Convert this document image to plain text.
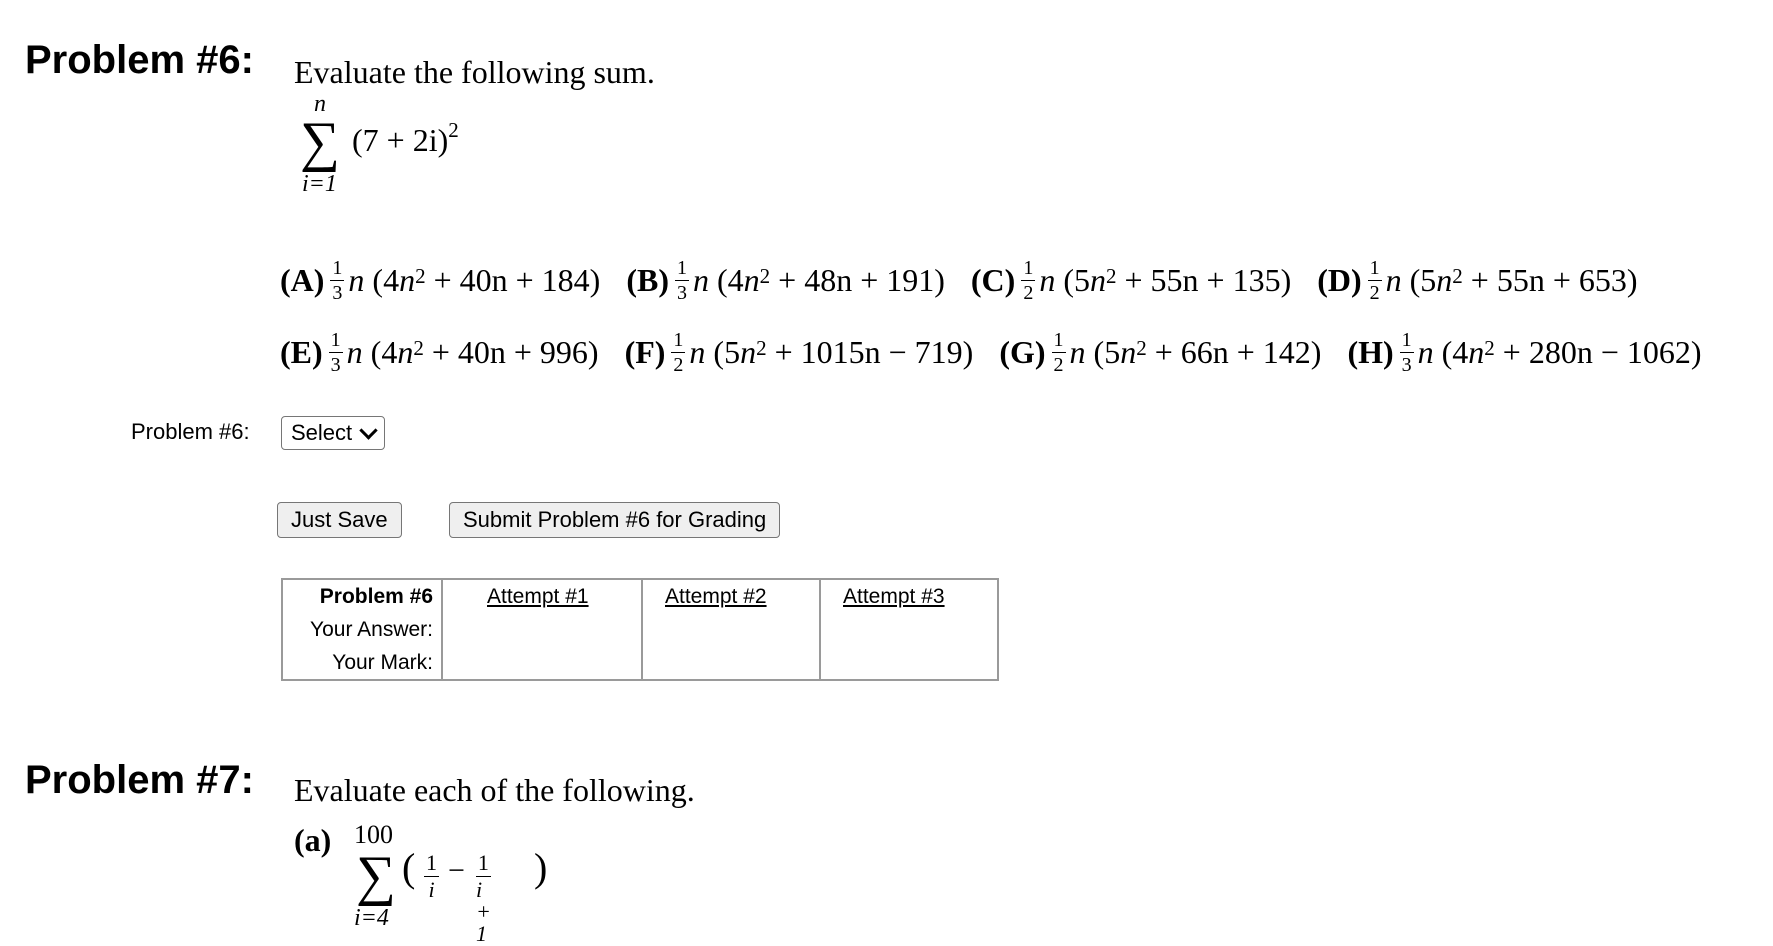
Problem #6: Evaluate the following sum.
n
∑ $(7 + 2i)^2$
i=1
$(A) \frac{1}{3}$ n
(4 $n^2$
+ 40n + 184) $(B) \frac{1}{3}$ n
(4 $n^2$
+ 48n + 191) $(C) \frac{1}{2}$ n
(5 $n^2$
+ 55n + 135) $(D) \frac{1}{2}$ n
(5 $n^2$
+ 55n + 653)
$(E) \frac{1}{3}$ n
(4 $n^2$
+ 40n + 996) $(F) \frac{1}{2}$ n
(5 $n^2$
+ 1015n − 719) $(G) \frac{1}{2}$ n
(5 $n^2$
+ 66n + 142) $(H) \frac{1}{3}$ n
(4 $n^2$
+ 280n − 1062)
Problem #6: Select
Just Save	Submit Problem #6 for Grading
Problem #6	Attempt #1	Attempt #2	Attempt #3
Your Answer:			
Your Mark:			
Problem #7: Evaluate each of the following.
(a) 100
∑ ( $\frac{1}{i} - \frac{1}{i + 1}$ )
i=4
